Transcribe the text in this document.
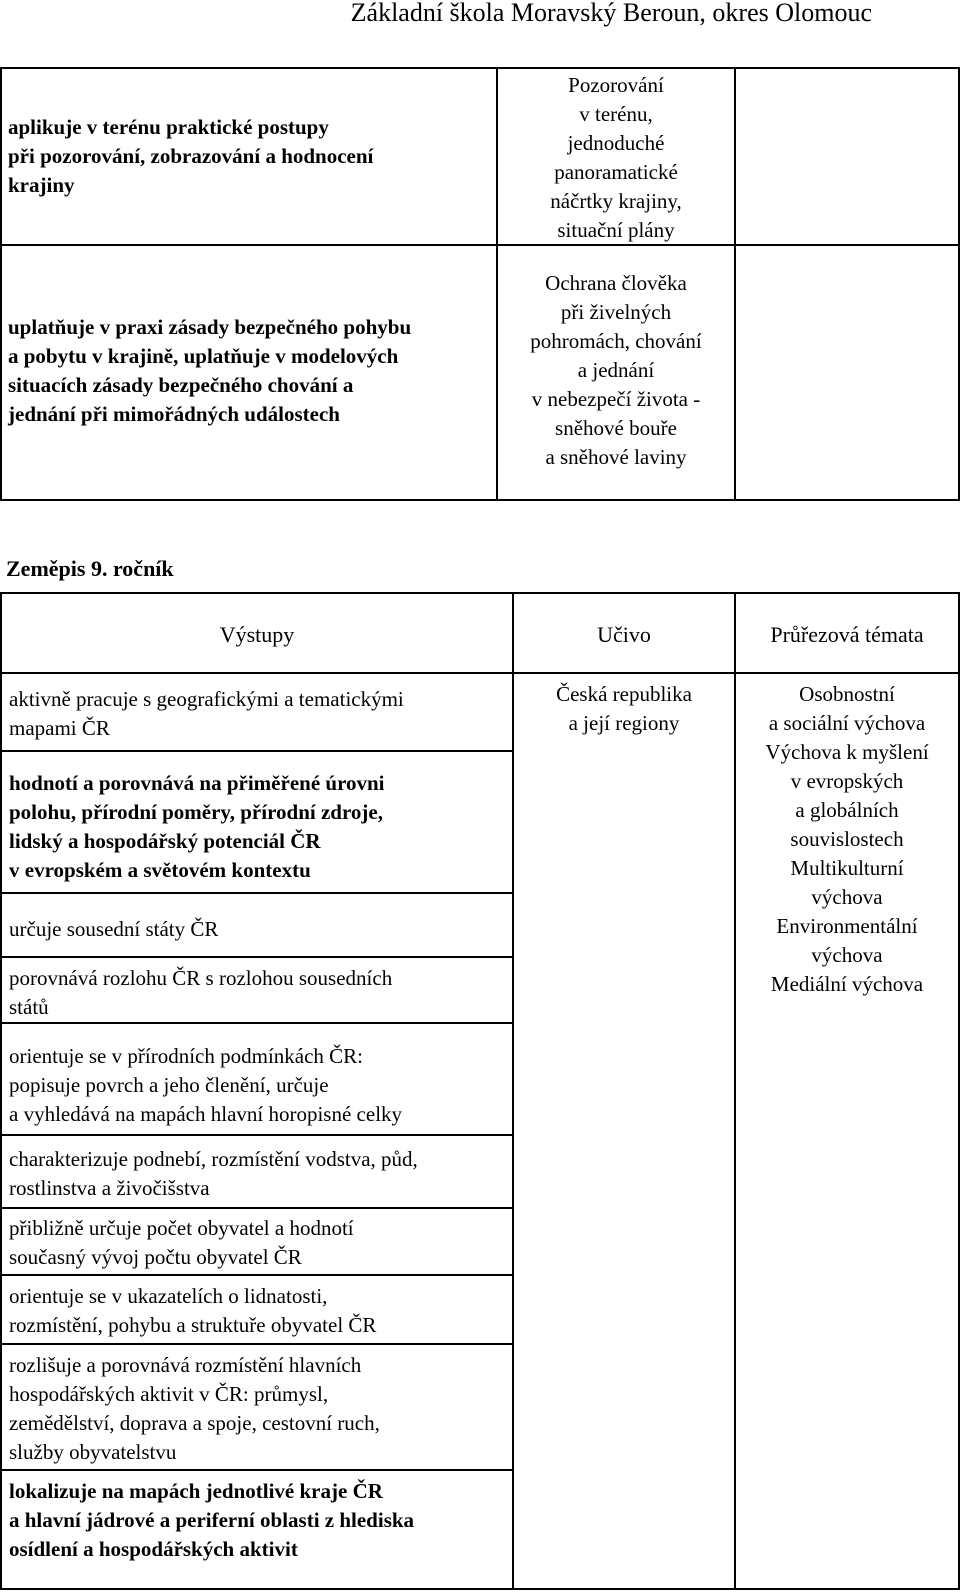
Základní škola Moravský Beroun, okres Olomouc
aplikuje v terénu praktické postupy
při pozorování, zobrazování a hodnocení
krajiny
Pozorování
v terénu,
jednoduché
panoramatické
náčrtky krajiny,
situační plány
uplatňuje v praxi zásady bezpečného pohybu
a pobytu v krajině, uplatňuje v modelových
situacích zásady bezpečného chování a
jednání při mimořádných událostech
Ochrana člověka
při živelných
pohromách, chování
a jednání
v nebezpečí života -
sněhové bouře
a sněhové laviny
Zeměpis 9. ročník
Výstupy	Učivo	Průřezová témata
Česká republika
a její regiony
Osobnostní
a sociální výchova
Výchova k myšlení
v evropských
a globálních
souvislostech
Multikulturní
výchova
Environmentální
výchova
Mediální výchova
aktivně pracuje s geografickými a tematickými
mapami ČR
hodnotí a porovnává na přiměřené úrovni
polohu, přírodní poměry, přírodní zdroje,
lidský a hospodářský potenciál ČR
v evropském a světovém kontextu
určuje sousední státy ČR
porovnává rozlohu ČR s rozlohou sousedních
států
orientuje se v přírodních podmínkách ČR:
popisuje povrch a jeho členění, určuje
a vyhledává na mapách hlavní horopisné celky
charakterizuje podnebí, rozmístění vodstva, půd,
rostlinstva a živočišstva
přibližně určuje počet obyvatel a hodnotí
současný vývoj počtu obyvatel ČR
orientuje se v ukazatelích o lidnatosti,
rozmístění, pohybu a struktuře obyvatel ČR
rozlišuje a porovnává rozmístění hlavních
hospodářských aktivit v ČR: průmysl,
zemědělství, doprava a spoje, cestovní ruch,
služby obyvatelstvu
lokalizuje na mapách jednotlivé kraje ČR
a hlavní jádrové a periferní oblasti z hlediska
osídlení a hospodářských aktivit
